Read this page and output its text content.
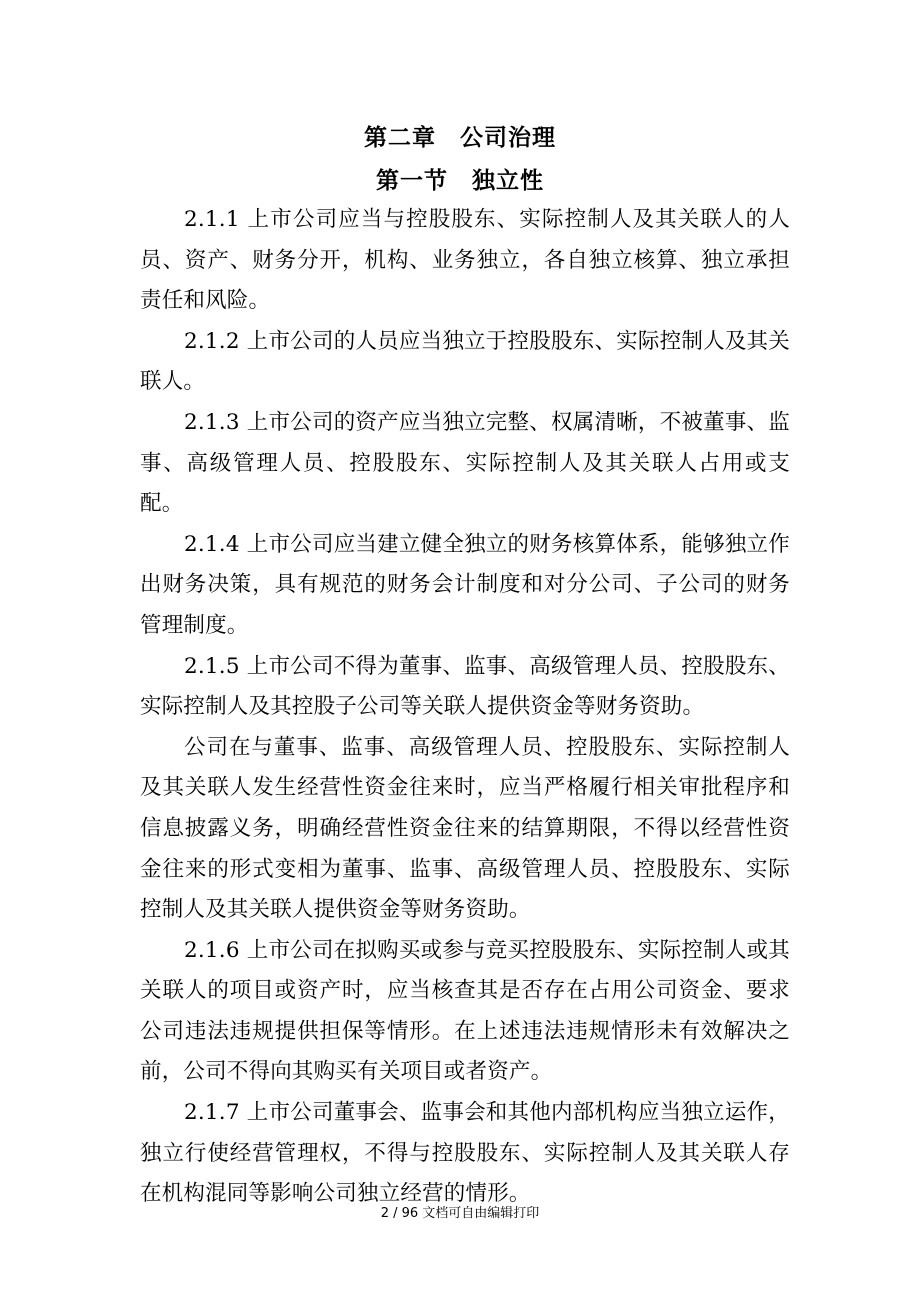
第二章　公司治理
第一节　独立性

2.1.1 上市公司应当与控股股东、实际控制人及其关联人的人员、资产、财务分开，机构、业务独立，各自独立核算、独立承担责任和风险。

2.1.2 上市公司的人员应当独立于控股股东、实际控制人及其关联人。

2.1.3 上市公司的资产应当独立完整、权属清晰，不被董事、监事、高级管理人员、控股股东、实际控制人及其关联人占用或支配。

2.1.4 上市公司应当建立健全独立的财务核算体系，能够独立作出财务决策，具有规范的财务会计制度和对分公司、子公司的财务管理制度。

2.1.5 上市公司不得为董事、监事、高级管理人员、控股股东、实际控制人及其控股子公司等关联人提供资金等财务资助。

公司在与董事、监事、高级管理人员、控股股东、实际控制人及其关联人发生经营性资金往来时，应当严格履行相关审批程序和信息披露义务，明确经营性资金往来的结算期限，不得以经营性资金往来的形式变相为董事、监事、高级管理人员、控股股东、实际控制人及其关联人提供资金等财务资助。

2.1.6 上市公司在拟购买或参与竞买控股股东、实际控制人或其关联人的项目或资产时，应当核查其是否存在占用公司资金、要求公司违法违规提供担保等情形。在上述违法违规情形未有效解决之前，公司不得向其购买有关项目或者资产。

2.1.7 上市公司董事会、监事会和其他内部机构应当独立运作，独立行使经营管理权，不得与控股股东、实际控制人及其关联人存在机构混同等影响公司独立经营的情形。

2 / 96 文档可自由编辑打印
